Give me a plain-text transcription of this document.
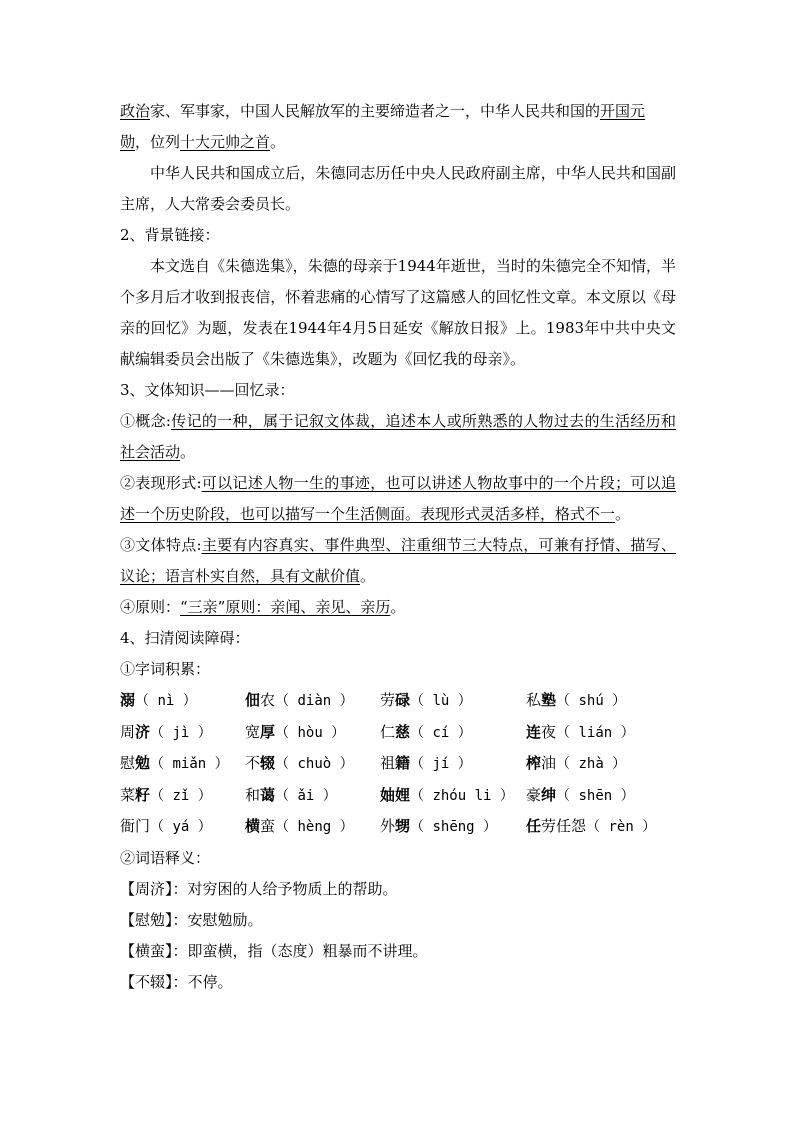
政治家、军事家，中国人民解放军的主要缔造者之一，中华人民共和国的开国元
勋，位列十大元帅之首。

中华人民共和国成立后，朱德同志历任中央人民政府副主席，中华人民共和国副主席，人大常委会委员长。

2、背景链接：

本文选自《朱德选集》，朱德的母亲于1944年逝世，当时的朱德完全不知情，半个多月后才收到报丧信，怀着悲痛的心情写了这篇感人的回忆性文章。本文原以《母亲的回忆》为题，发表在1944年4月5日延安《解放日报》上。1983年中共中央文献编辑委员会出版了《朱德选集》，改题为《回忆我的母亲》。

3、文体知识——回忆录：

①概念:传记的一种，属于记叙文体裁，追述本人或所熟悉的人物过去的生活经历和社会活动。

②表现形式:可以记述人物一生的事迹，也可以讲述人物故事中的一个片段；可以追述一个历史阶段，也可以描写一个生活侧面。表现形式灵活多样，格式不一。

③文体特点:主要有内容真实、事件典型、注重细节三大特点，可兼有抒情、描写、议论；语言朴实自然，具有文献价值。

④原则：“三亲”原则：亲闻、亲见、亲历。

4、扫清阅读障碍：

①字词积累：

溺（ nì ）	佃农（ diàn ）	劳碌（ lù ）	私塾（ shú ）
周济（ jì ）	宽厚（ hòu ）	仁慈（ cí ）	连夜（ lián ）
慰勉（ miǎn ）	不辍（ chuò ）	祖籍（ jí ）	榨油（ zhà ）
菜籽（ zǐ ）	和蔼（ ǎi ）	妯娌（ zhóu li ） 豪绅（ shēn ）
衙门（ yá ）	横蛮（ hèng ）	外甥（ shēng ）	任劳任怨（ rèn ）

②词语释义：

【周济】：对穷困的人给予物质上的帮助。

【慰勉】：安慰勉励。

【横蛮】：即蛮横，指（态度）粗暴而不讲理。

【不辍】：不停。
